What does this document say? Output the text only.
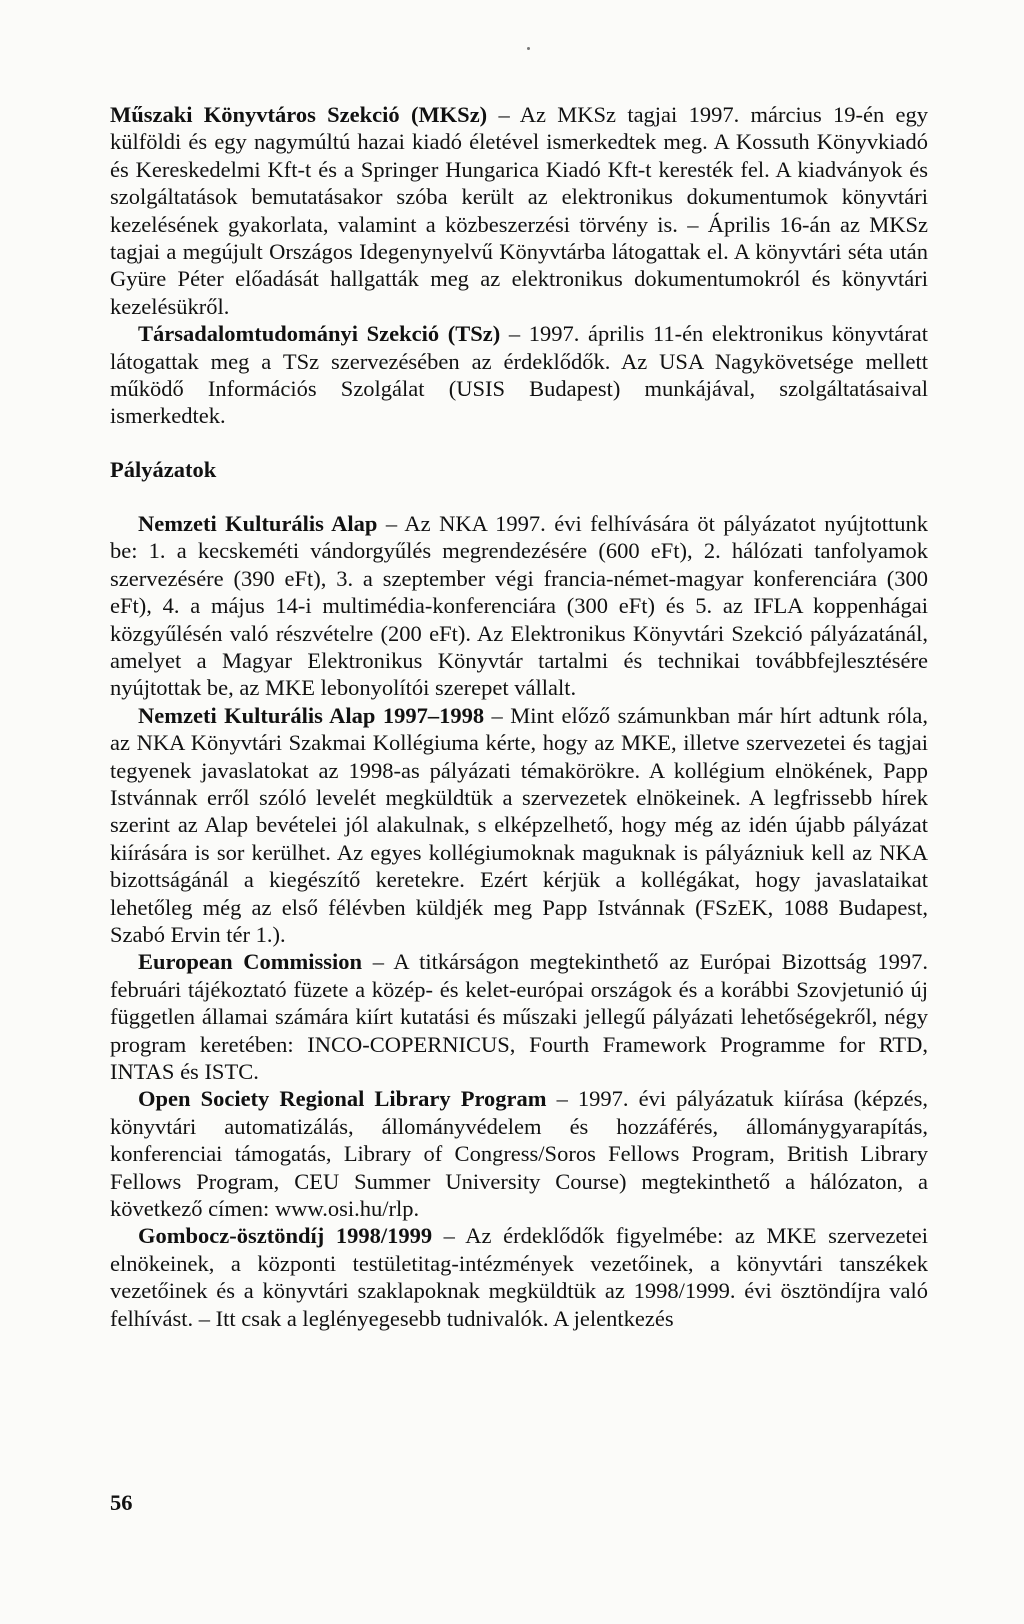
Műszaki Könyvtáros Szekció (MKSz) – Az MKSz tagjai 1997. március 19-én egy külföldi és egy nagymúltú hazai kiadó életével ismerkedtek meg. A Kossuth Könyvkiadó és Kereskedelmi Kft-t és a Springer Hungarica Kiadó Kft-t keresték fel. A kiadványok és szolgáltatások bemutatásakor szóba került az elektronikus dokumentumok könyvtári kezelésének gyakorlata, valamint a közbeszerzési törvény is. – Április 16-án az MKSz tagjai a megújult Országos Idegenynyelvű Könyvtárba látogattak el. A könyvtári séta után Gyüre Péter előadását hallgatták meg az elektronikus dokumentumokról és könyvtári kezelésükről.

Társadalomtudományi Szekció (TSz) – 1997. április 11-én elektronikus könyvtárat látogattak meg a TSz szervezésében az érdeklődők. Az USA Nagykövetsége mellett működő Információs Szolgálat (USIS Budapest) munkájával, szolgáltatásaival ismerkedtek.

Pályázatok

Nemzeti Kulturális Alap – Az NKA 1997. évi felhívására öt pályázatot nyújtottunk be: 1. a kecskeméti vándorgyűlés megrendezésére (600 eFt), 2. hálózati tanfolyamok szervezésére (390 eFt), 3. a szeptember végi francia-német-magyar konferenciára (300 eFt), 4. a május 14-i multimédia-konferenciára (300 eFt) és 5. az IFLA koppenhágai közgyűlésén való részvételre (200 eFt). Az Elektronikus Könyvtári Szekció pályázatánál, amelyet a Magyar Elektronikus Könyvtár tartalmi és technikai továbbfejlesztésére nyújtottak be, az MKE lebonyolítói szerepet vállalt.

Nemzeti Kulturális Alap 1997–1998 – Mint előző számunkban már hírt adtunk róla, az NKA Könyvtári Szakmai Kollégiuma kérte, hogy az MKE, illetve szervezetei és tagjai tegyenek javaslatokat az 1998-as pályázati témakörökre. A kollégium elnökének, Papp Istvánnak erről szóló levelét megküldtük a szervezetek elnökeinek. A legfrissebb hírek szerint az Alap bevételei jól alakulnak, s elképzelhető, hogy még az idén újabb pályázat kiírására is sor kerülhet. Az egyes kollégiumoknak maguknak is pályázniuk kell az NKA bizottságánál a kiegészítő keretekre. Ezért kérjük a kollégákat, hogy javaslataikat lehetőleg még az első félévben küldjék meg Papp Istvánnak (FSzEK, 1088 Budapest, Szabó Ervin tér 1.).

European Commission – A titkárságon megtekinthető az Európai Bizottság 1997. februári tájékoztató füzete a közép- és kelet-európai országok és a korábbi Szovjetunió új független államai számára kiírt kutatási és műszaki jellegű pályázati lehetőségekről, négy program keretében: INCO-COPERNICUS, Fourth Framework Programme for RTD, INTAS és ISTC.

Open Society Regional Library Program – 1997. évi pályázatuk kiírása (képzés, könyvtári automatizálás, állományvédelem és hozzáférés, állománygyarapítás, konferenciai támogatás, Library of Congress/Soros Fellows Program, British Library Fellows Program, CEU Summer University Course) megtekinthető a hálózaton, a következő címen: www.osi.hu/rlp.

Gombocz-ösztöndíj 1998/1999 – Az érdeklődők figyelmébe: az MKE szervezetei elnökeinek, a központi testületitag-intézmények vezetőinek, a könyvtári tanszékek vezetőinek és a könyvtári szaklapoknak megküldtük az 1998/1999. évi ösztöndíjra való felhívást. – Itt csak a leglényegesebb tudnivalók. A jelentkezés

56
